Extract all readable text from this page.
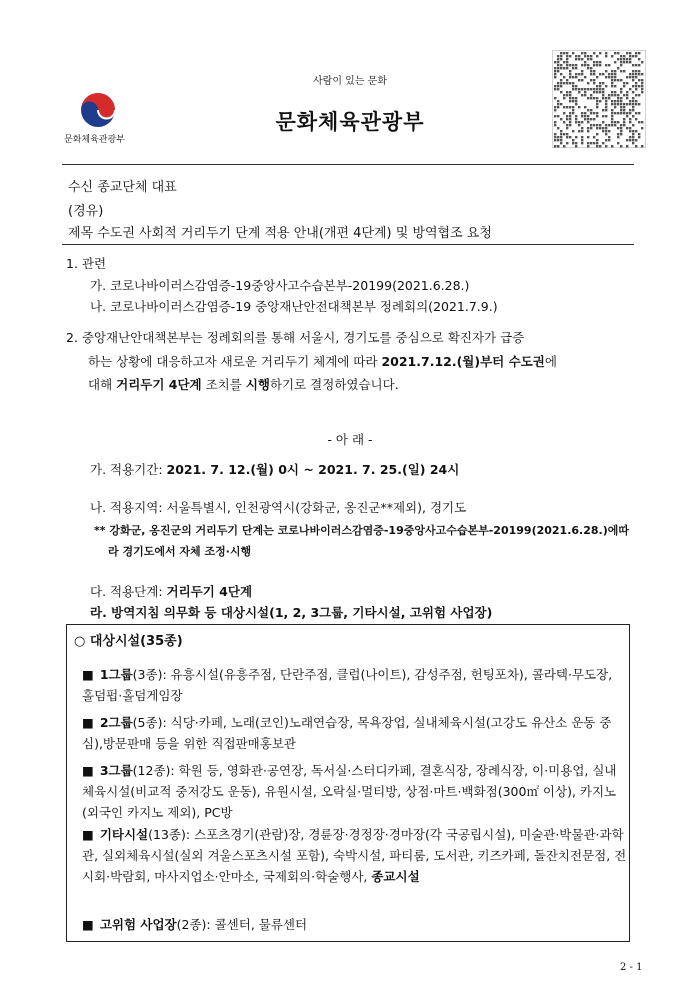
사람이 있는 문화
문화체육관광부
문화체육관광부
수신 종교단체 대표
(경유)
제목 수도권 사회적 거리두기 단계 적용 안내(개편 4단계) 및 방역협조 요청
1. 관련
가. 코로나바이러스감염증-19중앙사고수습본부-20199(2021.6.28.)
나. 코로나바이러스감염증-19 중앙재난안전대책본부 정례회의(2021.7.9.)
2. 중앙재난안대책본부는 정례회의를 통해 서울시, 경기도를 중심으로 확진자가 급증
하는 상황에 대응하고자 새로운 거리두기 체계에 따라 2021.7.12.(월)부터 수도권에
대해 거리두기 4단계 조치를 시행하기로 결정하였습니다.
- 아 래 -
가. 적용기간: 2021. 7. 12.(월) 0시 ~ 2021. 7. 25.(일) 24시
나. 적용지역: 서울특별시, 인천광역시(강화군, 옹진군**제외), 경기도
** 강화군, 옹진군의 거리두기 단계는 코로나바이러스감염증-19중앙사고수습본부-20199(2021.6.28.)에따
라 경기도에서 자체 조정·시행
다. 적용단계: 거리두기 4단계
라. 방역지침 의무화 등 대상시설(1, 2, 3그룹, 기타시설, 고위험 사업장)
○ 대상시설(35종)
■ 1그룹(3종): 유흥시설(유흥주점, 단란주점, 클럽(나이트), 감성주점, 헌팅포차), 콜라텍·무도장, 홀덤펍·홀덤게임장
■ 2그룹(5종): 식당·카페, 노래(코인)노래연습장, 목욕장업, 실내체육시설(고강도 유산소 운동 중심),방문판매 등을 위한 직접판매홍보관
■ 3그룹(12종): 학원 등, 영화관·공연장, 독서실·스터디카페, 결혼식장, 장례식장, 이·미용업, 실내체육시설(비교적 중저강도 운동), 유원시설, 오락실·멀티방, 상점·마트·백화점(300㎡ 이상), 카지노(외국인 카지노 제외), PC방
■ 기타시설(13종): 스포츠경기(관람)장, 경륜장·경정장·경마장(각 국공립시설), 미술관·박물관·과학관, 실외체육시설(실외 겨울스포츠시설 포함), 숙박시설, 파티룸, 도서관, 키즈카페, 돌잔치전문점, 전시회·박람회, 마사지업소·안마소, 국제회의·학술행사, 종교시설
■ 고위험 사업장(2종): 콜센터, 물류센터
2 - 1
